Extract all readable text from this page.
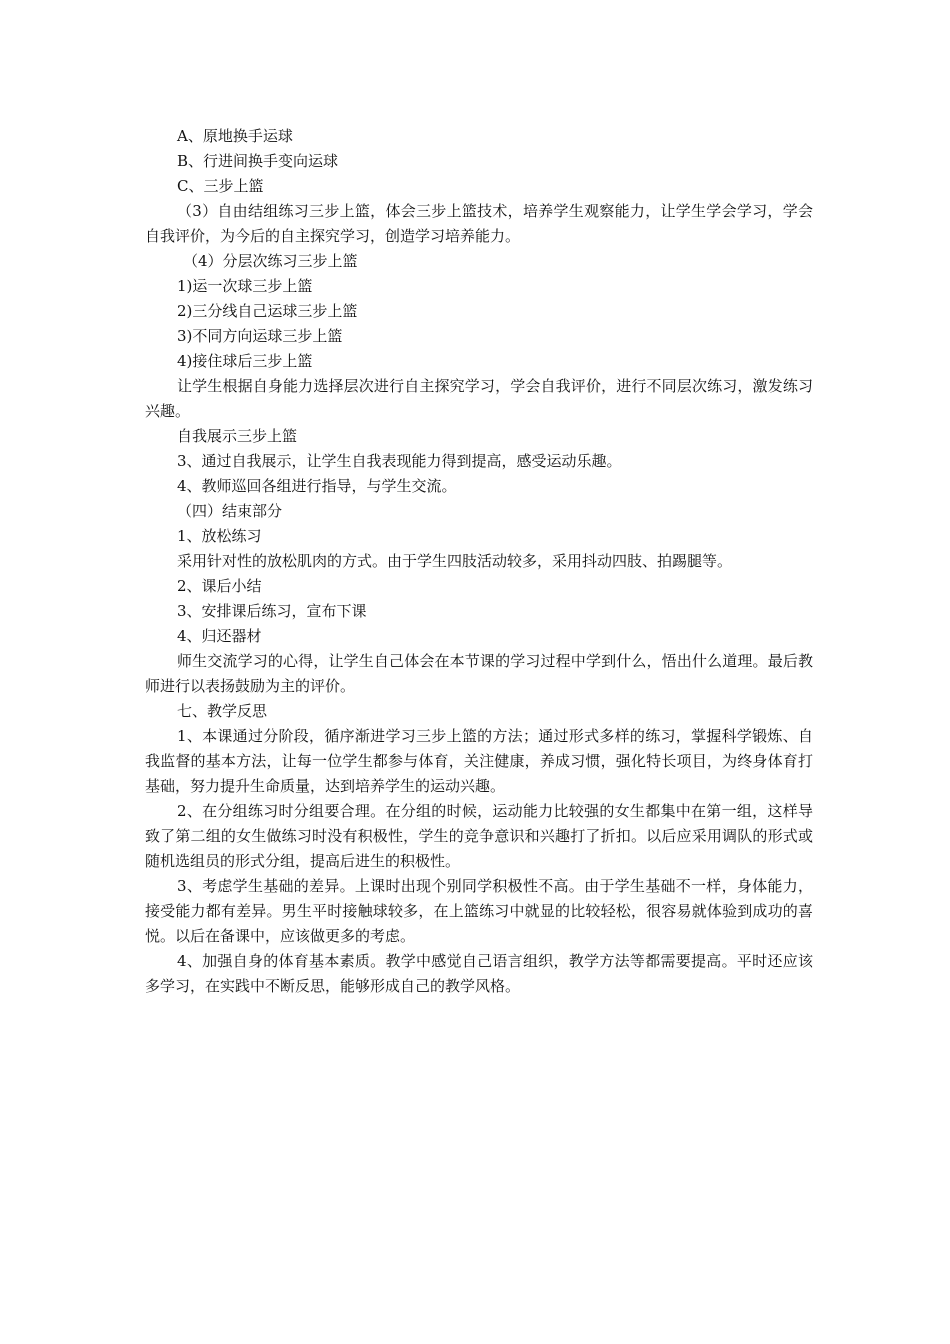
A、原地换手运球

B、行进间换手变向运球

C、三步上篮

（3）自由结组练习三步上篮，体会三步上篮技术，培养学生观察能力，让学生学会学习，学会自我评价，为今后的自主探究学习，创造学习培养能力。

（4）分层次练习三步上篮

1)运一次球三步上篮

2)三分线自己运球三步上篮

3)不同方向运球三步上篮

4)接住球后三步上篮

让学生根据自身能力选择层次进行自主探究学习，学会自我评价，进行不同层次练习，激发练习兴趣。

自我展示三步上篮

3、通过自我展示，让学生自我表现能力得到提高，感受运动乐趣。

4、教师巡回各组进行指导，与学生交流。

（四）结束部分

1、放松练习

采用针对性的放松肌肉的方式。由于学生四肢活动较多，采用抖动四肢、拍踢腿等。

2、课后小结

3、安排课后练习，宣布下课

4、归还器材

师生交流学习的心得，让学生自己体会在本节课的学习过程中学到什么，悟出什么道理。最后教师进行以表扬鼓励为主的评价。

七、教学反思

1、本课通过分阶段，循序渐进学习三步上篮的方法；通过形式多样的练习，掌握科学锻炼、自我监督的基本方法，让每一位学生都参与体育，关注健康，养成习惯，强化特长项目，为终身体育打基础，努力提升生命质量，达到培养学生的运动兴趣。

2、在分组练习时分组要合理。在分组的时候，运动能力比较强的女生都集中在第一组，这样导致了第二组的女生做练习时没有积极性，学生的竞争意识和兴趣打了折扣。以后应采用调队的形式或随机选组员的形式分组，提高后进生的积极性。

3、考虑学生基础的差异。上课时出现个别同学积极性不高。由于学生基础不一样，身体能力，接受能力都有差异。男生平时接触球较多，在上篮练习中就显的比较轻松，很容易就体验到成功的喜悦。以后在备课中，应该做更多的考虑。

4、加强自身的体育基本素质。教学中感觉自己语言组织，教学方法等都需要提高。平时还应该多学习，在实践中不断反思，能够形成自己的教学风格。
